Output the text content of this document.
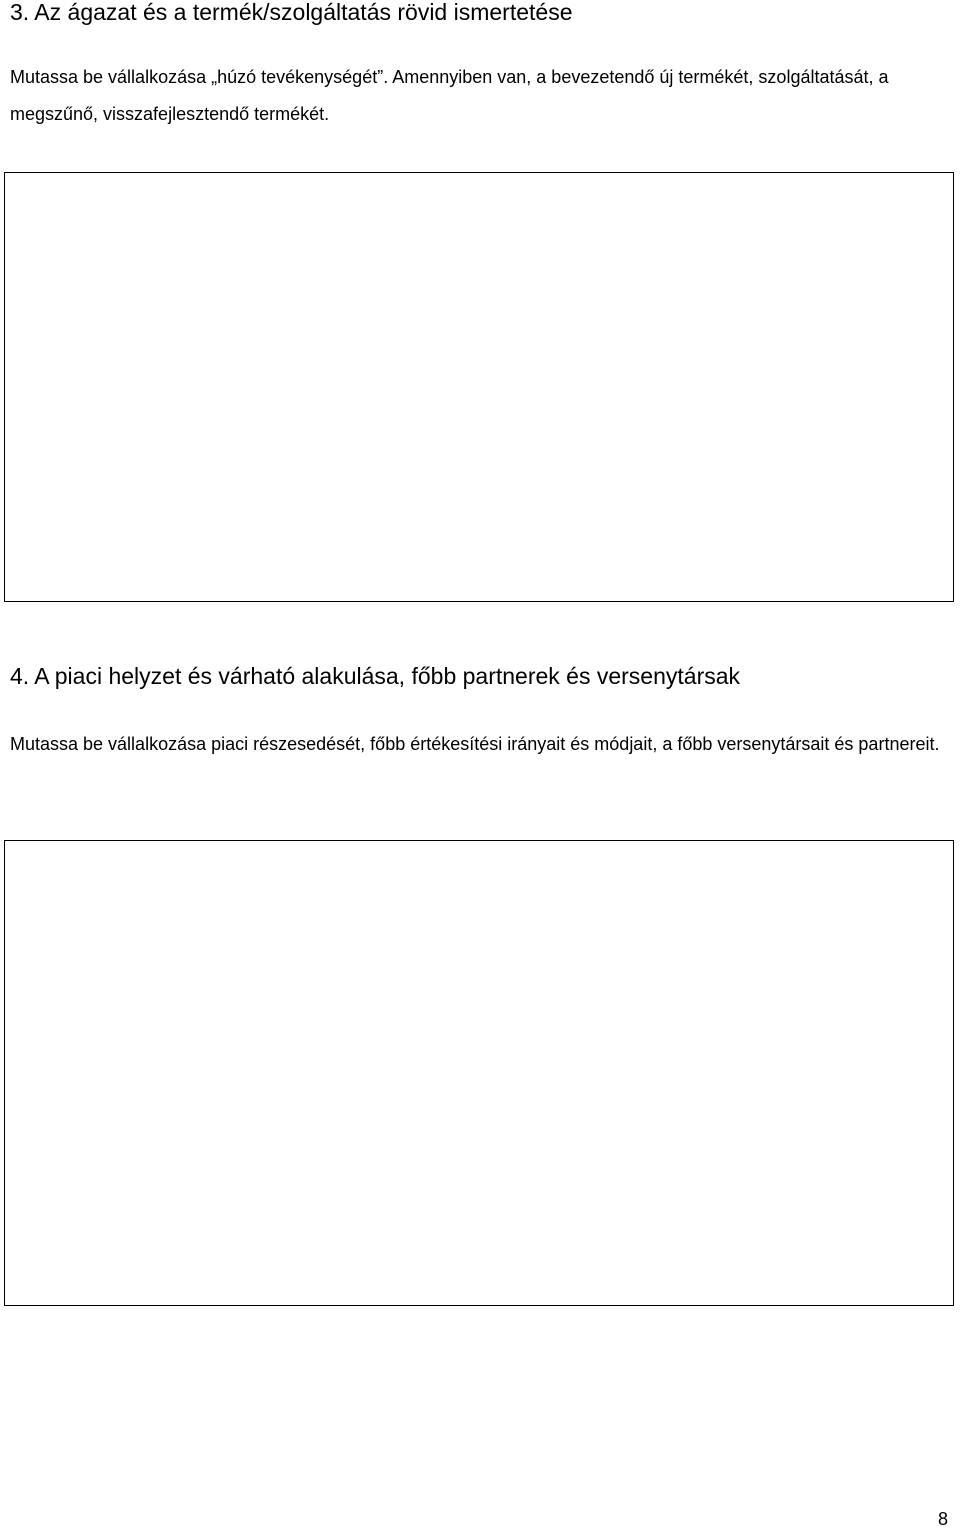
3. Az ágazat és a termék/szolgáltatás rövid ismertetése

Mutassa be vállalkozása „húzó tevékenységét”. Amennyiben van, a bevezetendő új termékét, szolgáltatását, a megszűnő, visszafejlesztendő termékét.

4. A piaci helyzet és várható alakulása, főbb partnerek és versenytársak

Mutassa be vállalkozása piaci részesedését, főbb értékesítési irányait és módjait, a főbb versenytársait és partnereit.

8
